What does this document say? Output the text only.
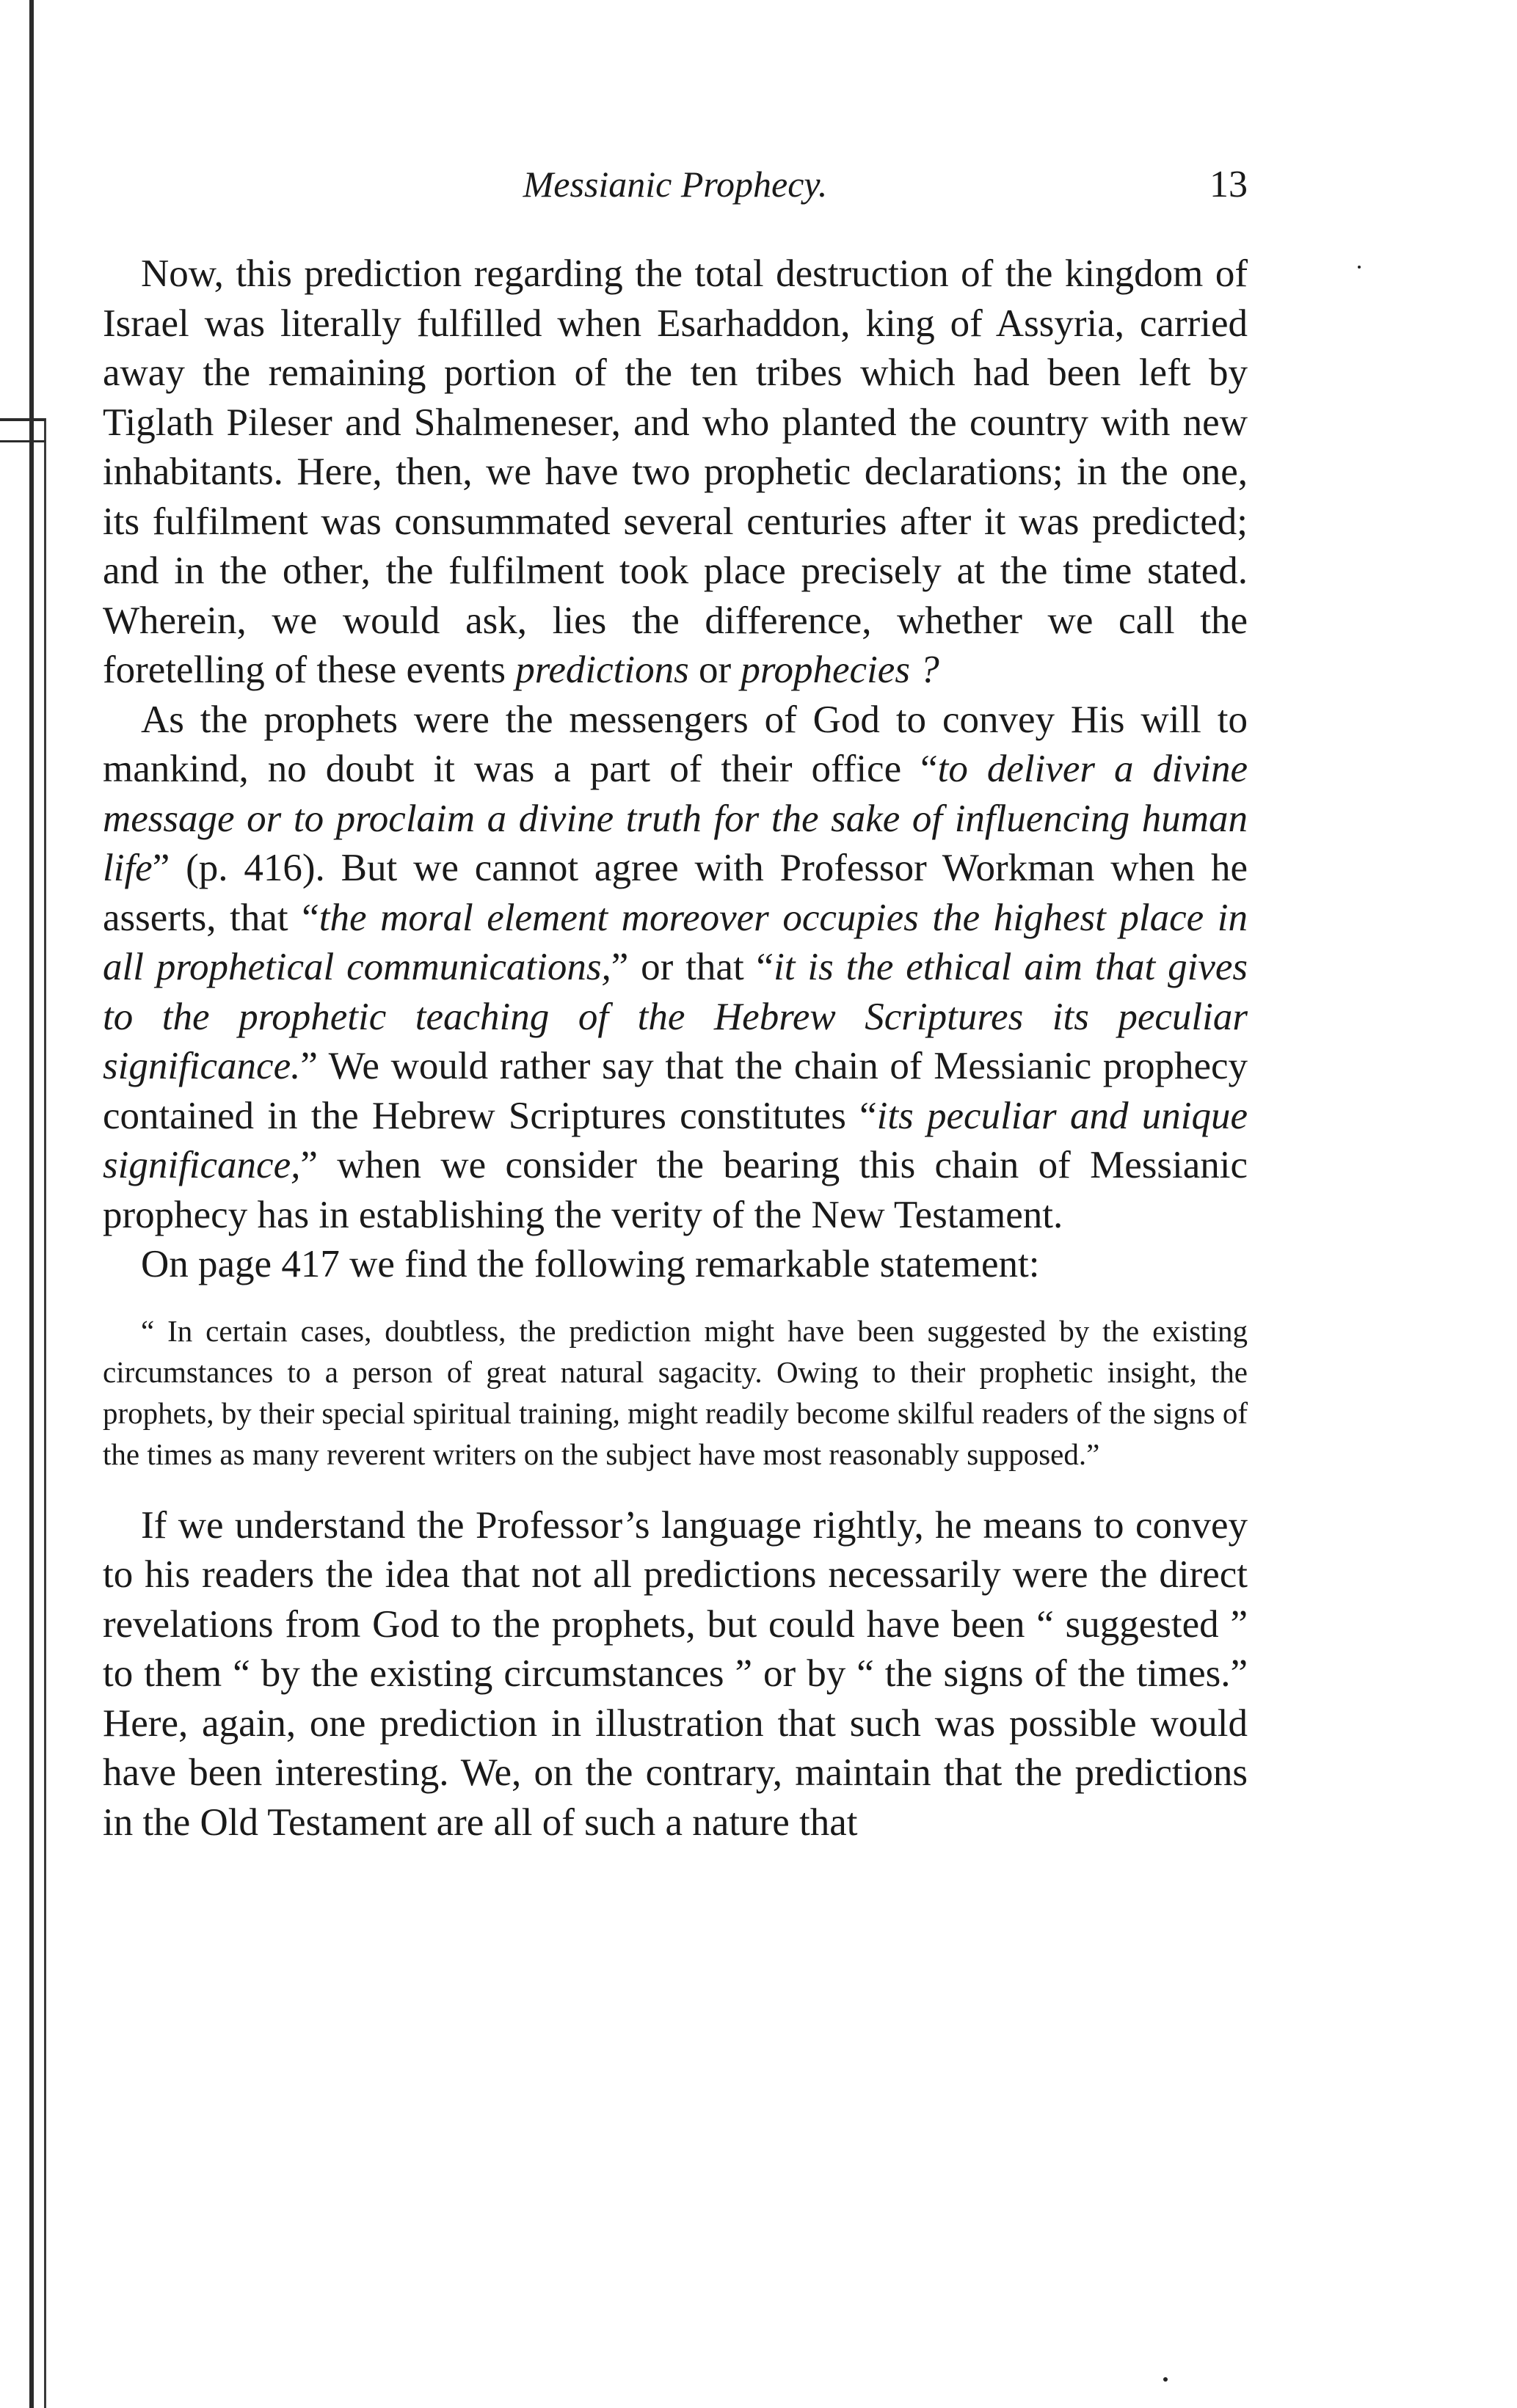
Messianic Prophecy.	13

Now, this prediction regarding the total destruction of the kingdom of Israel was literally fulfilled when Esarhaddon, king of Assyria, carried away the remaining portion of the ten tribes which had been left by Tiglath Pileser and Shalmeneser, and who planted the country with new inhabitants. Here, then, we have two prophetic declarations; in the one, its fulfilment was consummated several centuries after it was predicted; and in the other, the fulfilment took place precisely at the time stated. Wherein, we would ask, lies the difference, whether we call the foretelling of these events predictions or prophecies ?

As the prophets were the messengers of God to convey His will to mankind, no doubt it was a part of their office “to deliver a divine message or to proclaim a divine truth for the sake of influencing human life” (p. 416). But we cannot agree with Professor Workman when he asserts, that “the moral element moreover occupies the highest place in all prophetical communications,” or that “it is the ethical aim that gives to the prophetic teaching of the Hebrew Scriptures its peculiar significance.” We would rather say that the chain of Messianic prophecy contained in the Hebrew Scriptures constitutes “its peculiar and unique significance,” when we consider the bearing this chain of Messianic prophecy has in establishing the verity of the New Testament.

On page 417 we find the following remarkable statement:

“ In certain cases, doubtless, the prediction might have been suggested by the existing circumstances to a person of great natural sagacity. Owing to their prophetic insight, the prophets, by their special spiritual training, might readily become skilful readers of the signs of the times as many reverent writers on the subject have most reasonably supposed.”

If we understand the Professor’s language rightly, he means to convey to his readers the idea that not all predictions necessarily were the direct revelations from God to the prophets, but could have been “ suggested ” to them “ by the existing circumstances ” or by “ the signs of the times.” Here, again, one prediction in illustration that such was possible would have been interesting. We, on the contrary, maintain that the predictions in the Old Testament are all of such a nature that
